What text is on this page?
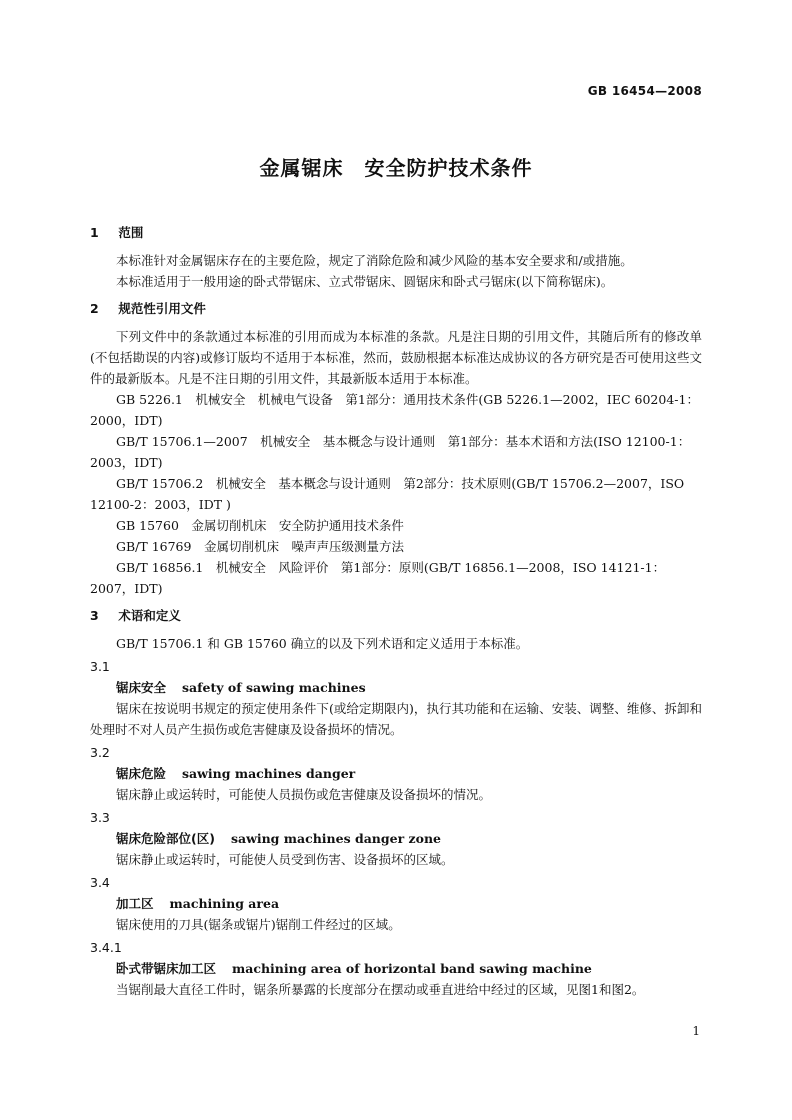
GB 16454—2008
金属锯床　安全防护技术条件
1 范围

本标准针对金属锯床存在的主要危险，规定了消除危险和减少风险的基本安全要求和/或措施。

本标准适用于一般用途的卧式带锯床、立式带锯床、圆锯床和卧式弓锯床(以下简称锯床)。

2 规范性引用文件

下列文件中的条款通过本标准的引用而成为本标准的条款。凡是注日期的引用文件，其随后所有的修改单(不包括勘误的内容)或修订版均不适用于本标准，然而，鼓励根据本标准达成协议的各方研究是否可使用这些文件的最新版本。凡是不注日期的引用文件，其最新版本适用于本标准。

GB 5226.1　机械安全　机械电气设备　第1部分：通用技术条件(GB 5226.1—2002，IEC 60204-1：2000，IDT)

GB/T 15706.1—2007　机械安全　基本概念与设计通则　第1部分：基本术语和方法(ISO 12100-1：2003，IDT)

GB/T 15706.2　机械安全　基本概念与设计通则　第2部分：技术原则(GB/T 15706.2—2007，ISO 12100-2：2003，IDT )

GB 15760　金属切削机床　安全防护通用技术条件

GB/T 16769　金属切削机床　噪声声压级测量方法

GB/T 16856.1　机械安全　风险评价　第1部分：原则(GB/T 16856.1—2008，ISO 14121-1：2007，IDT)

3 术语和定义

GB/T 15706.1 和 GB 15760 确立的以及下列术语和定义适用于本标准。

3.1
锯床安全 safety of sawing machines

锯床在按说明书规定的预定使用条件下(或给定期限内)，执行其功能和在运输、安装、调整、维修、拆卸和处理时不对人员产生损伤或危害健康及设备损坏的情况。

3.2
锯床危险 sawing machines danger

锯床静止或运转时，可能使人员损伤或危害健康及设备损坏的情况。

3.3
锯床危险部位(区) sawing machines danger zone

锯床静止或运转时，可能使人员受到伤害、设备损坏的区域。

3.4
加工区 machining area

锯床使用的刀具(锯条或锯片)锯削工件经过的区域。

3.4.1
卧式带锯床加工区 machining area of horizontal band sawing machine

当锯削最大直径工件时，锯条所暴露的长度部分在摆动或垂直进给中经过的区域，见图1和图2。

1
